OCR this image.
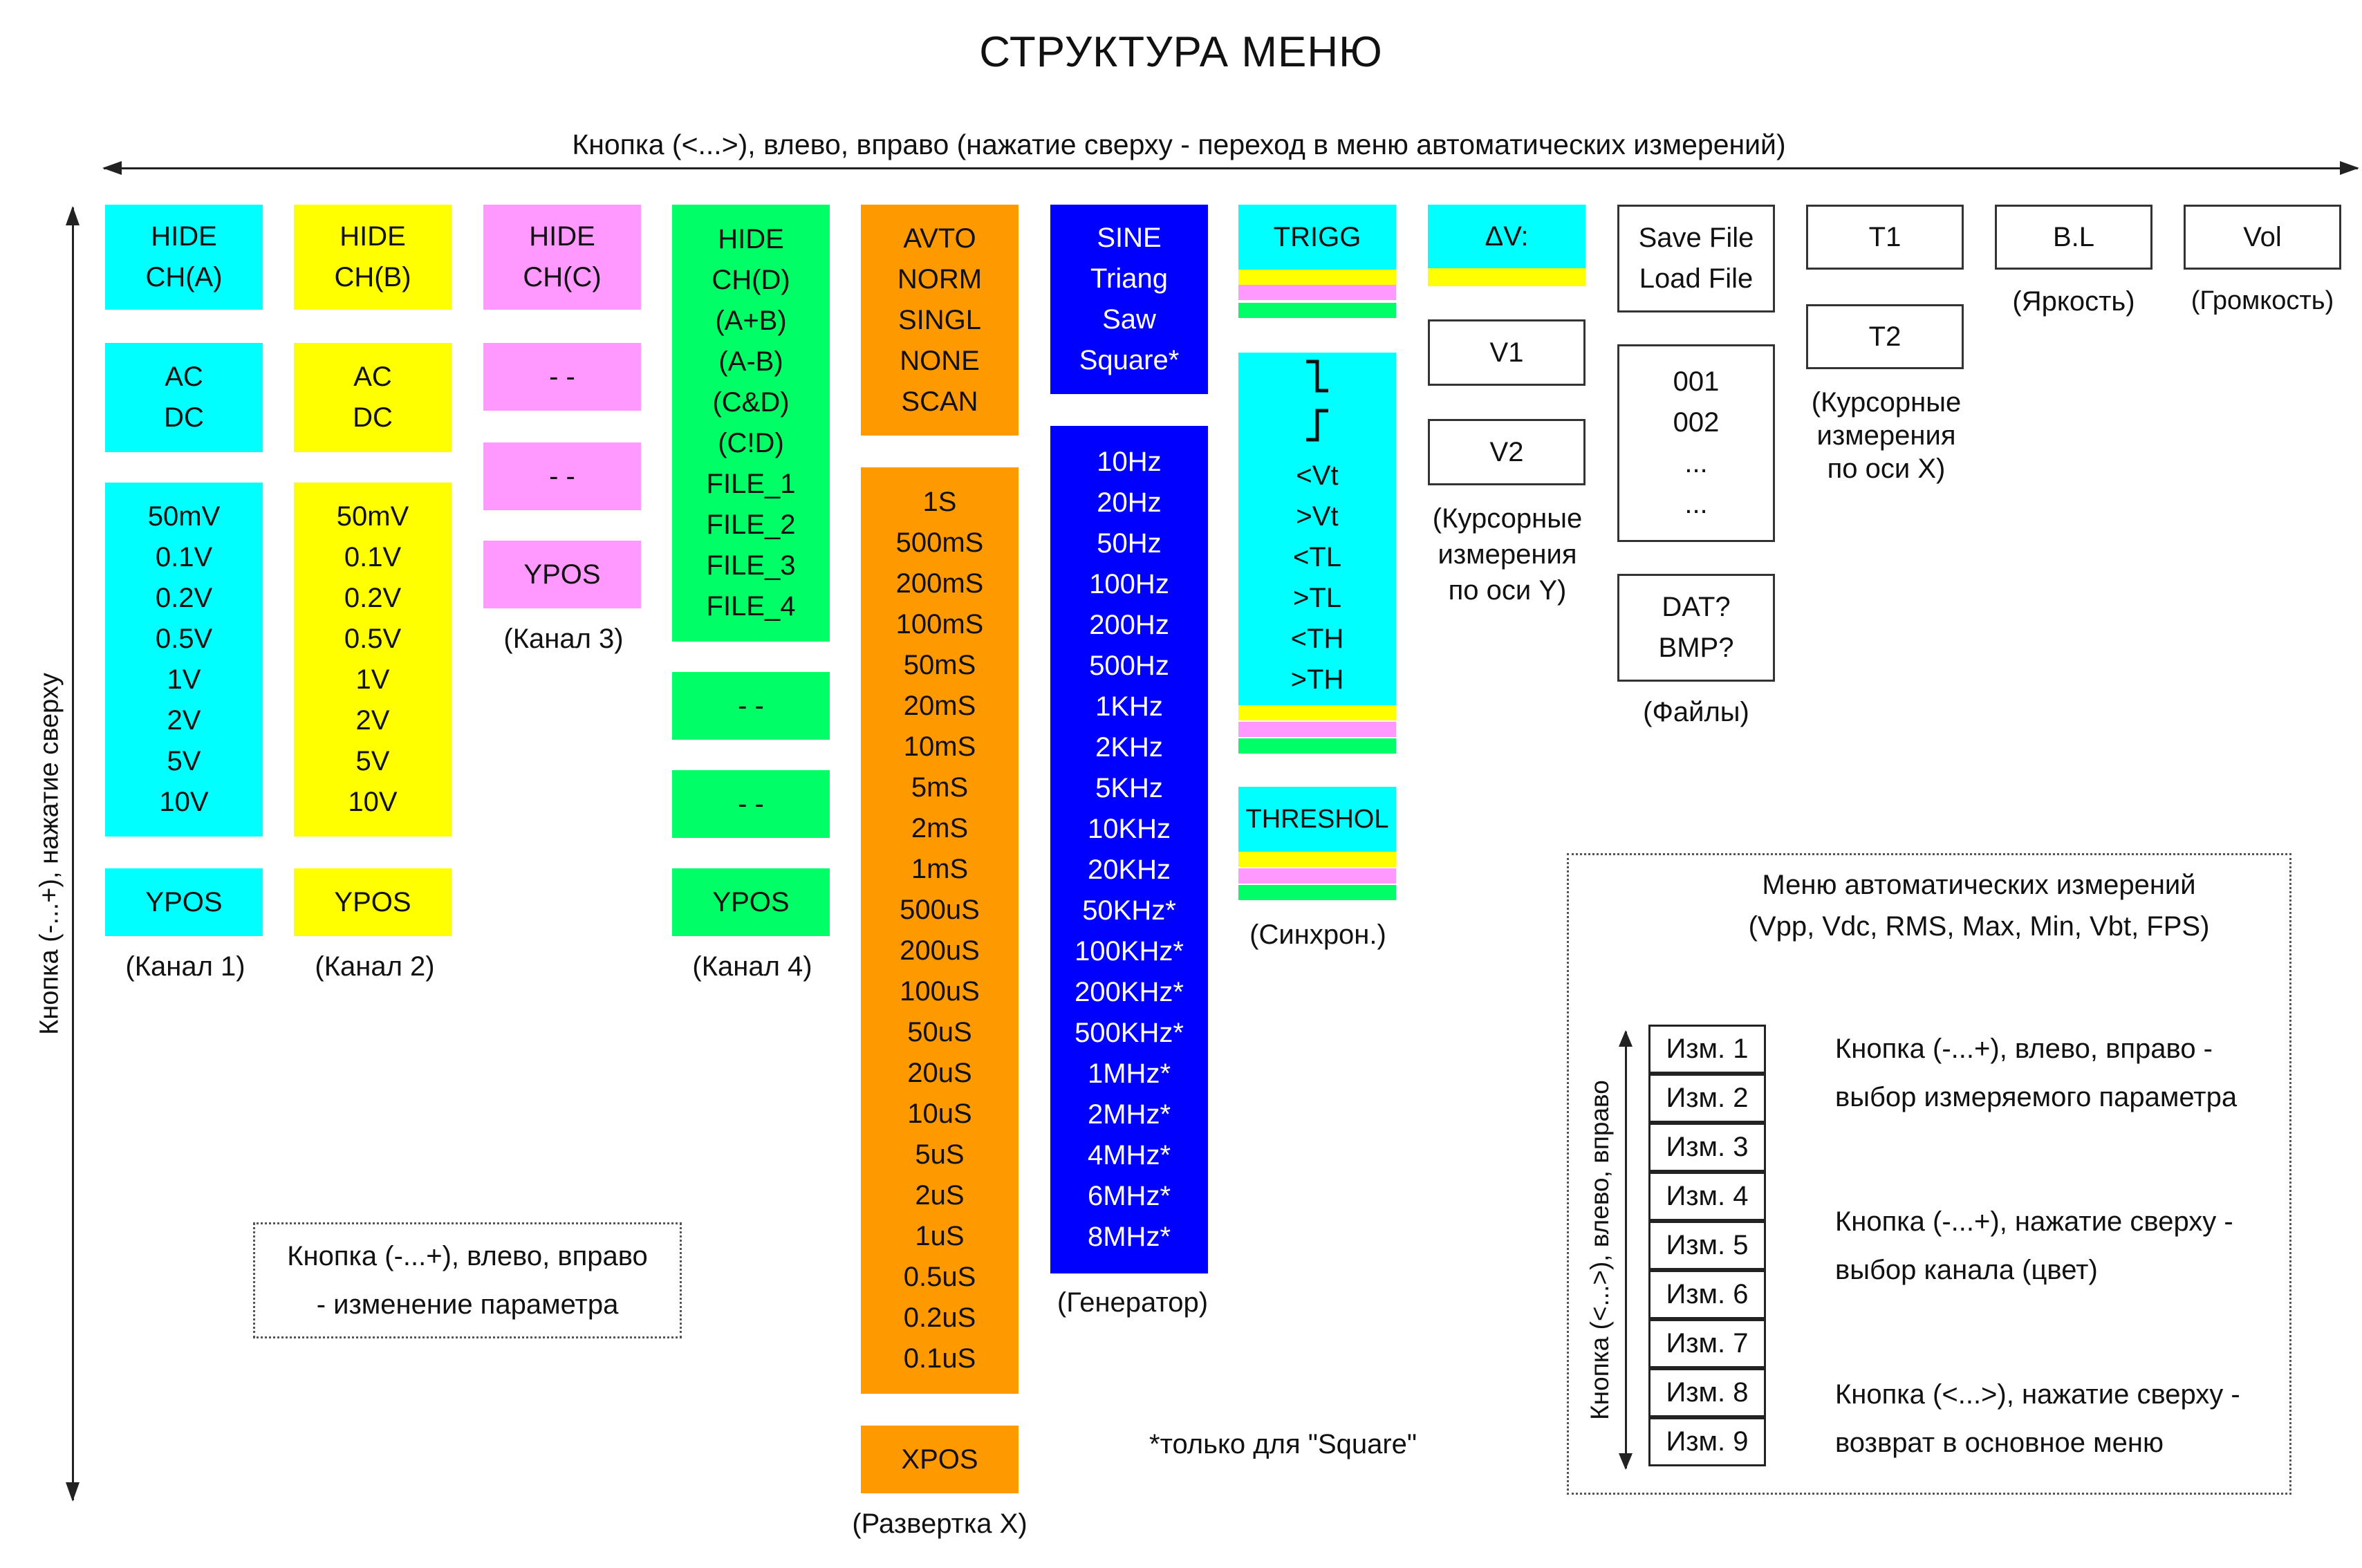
СТРУКТУРА МЕНЮ
Кнопка (<...>), влево, вправо (нажатие сверху - переход в меню автоматических измерений)
Кнопка (-...+), нажатие сверху
HIDE
CH(A)
AC
DC
50mV
0.1V
0.2V
0.5V
1V
2V
5V
10V
YPOS
(Канал 1)
HIDE
CH(B)
AC
DC
50mV
0.1V
0.2V
0.5V
1V
2V
5V
10V
YPOS
(Канал 2)
HIDE
CH(C)
- -
- -
YPOS
(Канал 3)
HIDE
CH(D)
(A+B)
(A-B)
(C&D)
(C!D)
FILE_1
FILE_2
FILE_3
FILE_4
- -
- -
YPOS
(Канал 4)
AVTO
NORM
SINGL
NONE
SCAN
1S
500mS
200mS
100mS
50mS
20mS
10mS
5mS
2mS
1mS
500uS
200uS
100uS
50uS
20uS
10uS
5uS
2uS
1uS
0.5uS
0.2uS
0.1uS
XPOS
(Развертка X)
SINE
Triang
Saw
Square*
10Hz
20Hz
50Hz
100Hz
200Hz
500Hz
1KHz
2KHz
5KHz
10KHz
20KHz
50KHz*
100KHz*
200KHz*
500KHz*
1MHz*
2MHz*
4MHz*
6MHz*
8MHz*
(Генератор)
*только для "Square"
TRIGG
<Vt
>Vt
<TL
>TL
<TH
>TH
THRESHOL
(Синхрон.)
ΔV:
V1
V2
(Курсорные
измерения
по оси Y)
Save File
Load File
001
002
...
...
DAT?
BMP?
(Файлы)
T1
T2
(Курсорные
измерения
по оси X)
B.L
(Яркость)
Vol
(Громкость)
Кнопка (-...+), влево, вправо
- изменение параметра
Меню автоматических измерений
(Vpp, Vdc, RMS, Max, Min, Vbt, FPS)
Кнопка (<...>), влево, вправо
Изм. 1
Изм. 2
Изм. 3
Изм. 4
Изм. 5
Изм. 6
Изм. 7
Изм. 8
Изм. 9
Кнопка (-...+), влево, вправо -
выбор измеряемого параметра
Кнопка (-...+), нажатие сверху -
выбор канала (цвет)
Кнопка (<...>), нажатие сверху -
возврат в основное меню
